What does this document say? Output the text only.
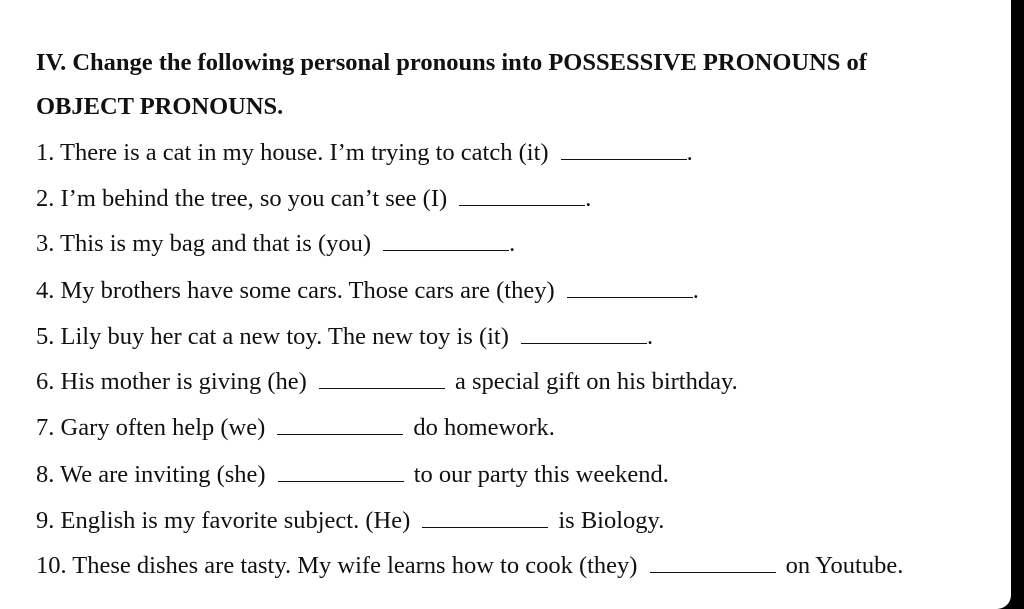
IV. Change the following personal pronouns into POSSESSIVE PRONOUNS of
OBJECT PRONOUNS.

1. There is a cat in my house. I’m trying to catch (it)	.
2. I’m behind the tree, so you can’t see (I)	.
3. This is my bag and that is (you)	.
4. My brothers have some cars. Those cars are (they)	.
5. Lily buy her cat a new toy. The new toy is (it)	.
6. His mother is giving (he)	a special gift on his birthday.
7. Gary often help (we)	do homework.
8. We are inviting (she)	to our party this weekend.
9. English is my favorite subject. (He)	is Biology.
10. These dishes are tasty. My wife learns how to cook (they)	on Youtube.
